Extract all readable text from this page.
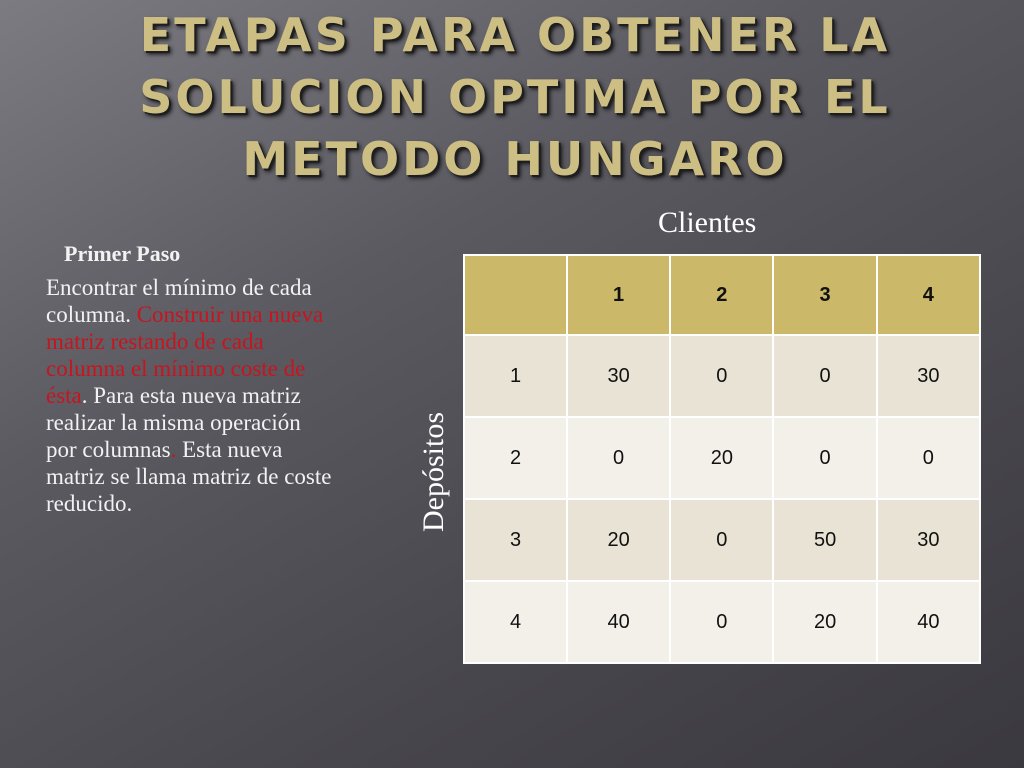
ETAPAS PARA OBTENER LA
SOLUCION OPTIMA POR EL
METODO HUNGARO
Primer Paso
Encontrar el mínimo de cada columna. Construir una nueva matriz restando de cada columna el mínimo coste de ésta. Para esta nueva matriz realizar la misma operación por columnas. Esta nueva matriz se llama matriz de coste reducido.
Clientes
Depósitos
	1	2	3	4
1	30	0	0	30
2	0	20	0	0
3	20	0	50	30
4	40	0	20	40
